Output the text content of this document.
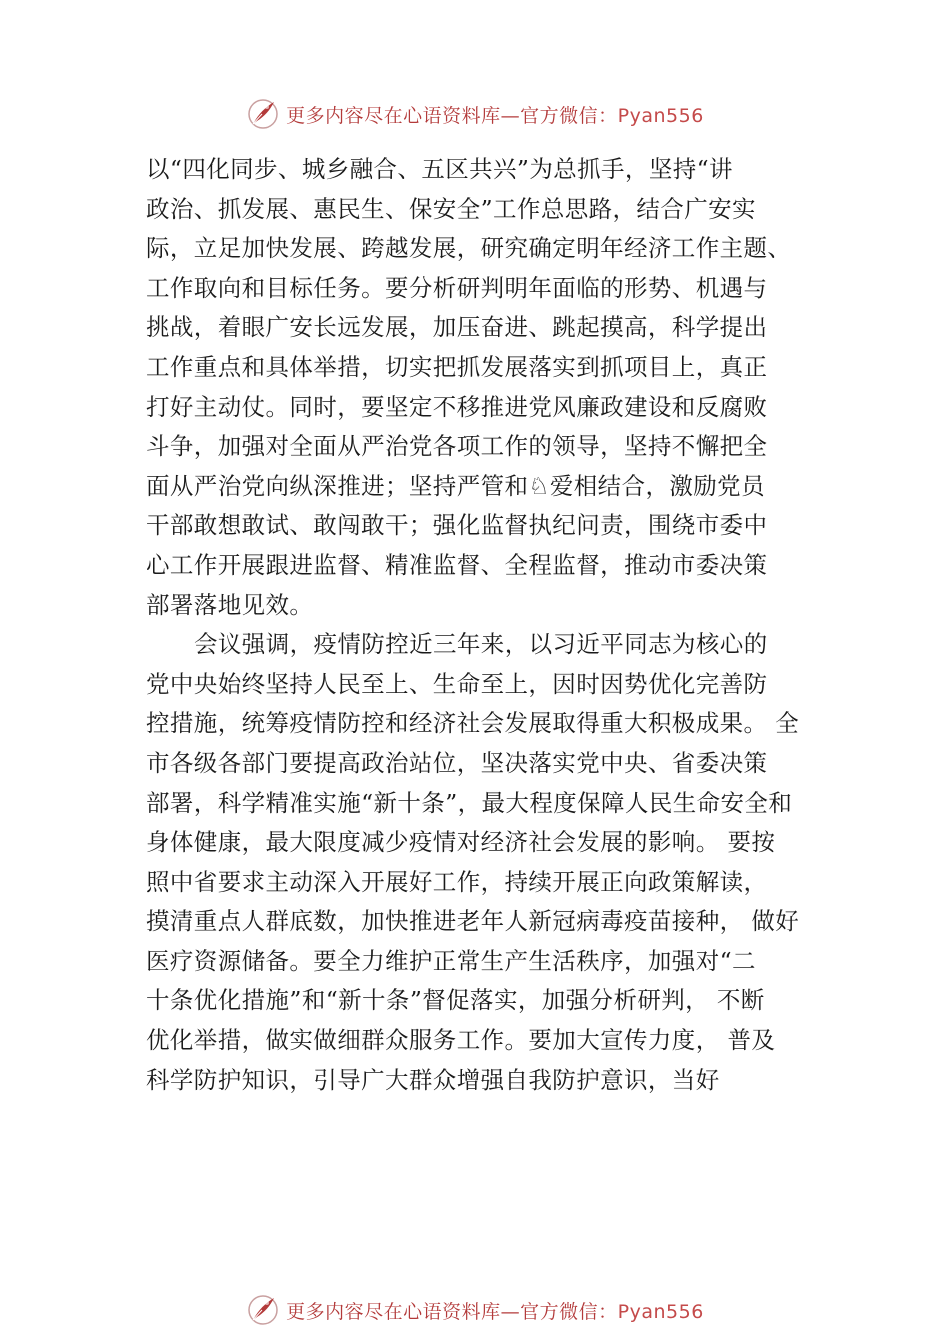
更多内容尽在心语资料库—官方微信：Pyan556
以“四化同步、城乡融合、五区共兴”为总抓手，坚持“讲
政治、抓发展、惠民生、保安全”工作总思路，结合广安实
际，立足加快发展、跨越发展，研究确定明年经济工作主题、
工作取向和目标任务。要分析研判明年面临的形势、机遇与
挑战，着眼广安长远发展，加压奋进、跳起摸高，科学提出
工作重点和具体举措，切实把抓发展落实到抓项目上，真正
打好主动仗。同时，要坚定不移推进党风廉政建设和反腐败
斗争，加强对全面从严治党各项工作的领导，坚持不懈把全
面从严治党向纵深推进；坚持严管和♘爱相结合，激励党员
干部敢想敢试、敢闯敢干；强化监督执纪问责，围绕市委中
心工作开展跟进监督、精准监督、全程监督，推动市委决策
部署落地见效。
会议强调，疫情防控近三年来，以习近平同志为核心的
党中央始终坚持人民至上、生命至上，因时因势优化完善防
控措施，统筹疫情防控和经济社会发展取得重大积极成果。 全
市各级各部门要提高政治站位，坚决落实党中央、省委决策
部署，科学精准实施“新十条”，最大程度保障人民生命安全和
身体健康，最大限度减少疫情对经济社会发展的影响。 要按
照中省要求主动深入开展好工作，持续开展正向政策解读，
摸清重点人群底数，加快推进老年人新冠病毒疫苗接种， 做好
医疗资源储备。要全力维护正常生产生活秩序，加强对“二
十条优化措施”和“新十条”督促落实，加强分析研判， 不断
优化举措，做实做细群众服务工作。要加大宣传力度， 普及
科学防护知识，引导广大群众增强自我防护意识，当好
更多内容尽在心语资料库—官方微信：Pyan556
